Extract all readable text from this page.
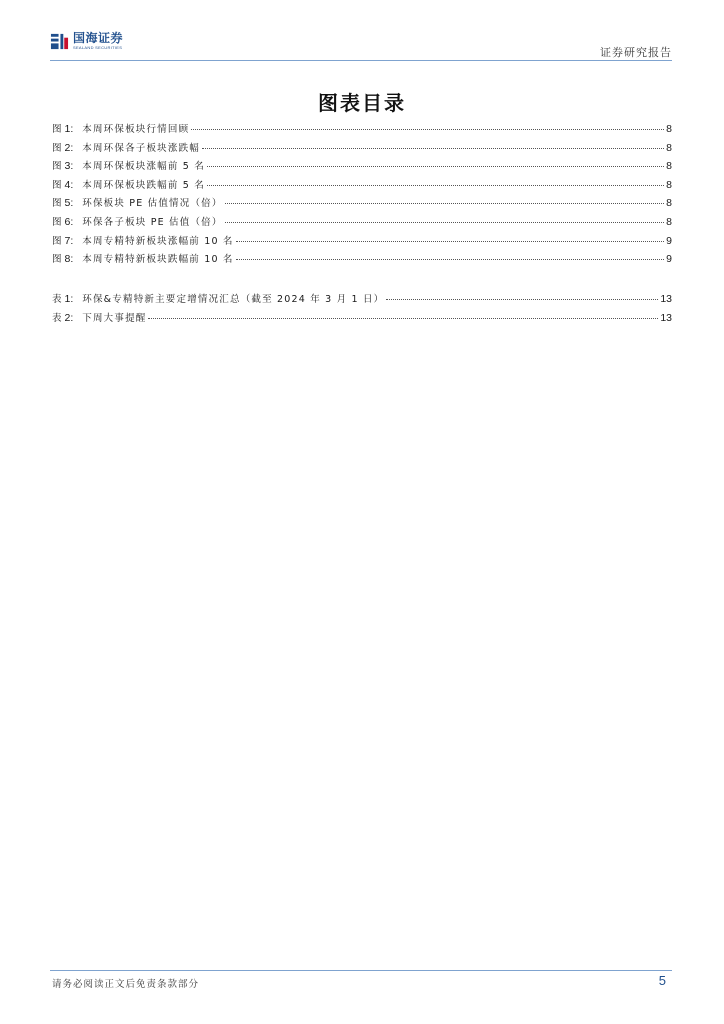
国海证券
SEALAND SECURITIES	证券研究报告
图表目录
图 1: 本周环保板块行情回顾	8
图 2: 本周环保各子板块涨跌幅	8
图 3: 本周环保板块涨幅前 5 名	8
图 4: 本周环保板块跌幅前 5 名	8
图 5: 环保板块 PE 估值情况（倍）	8
图 6: 环保各子板块 PE 估值（倍）	8
图 7: 本周专精特新板块涨幅前 10 名	9
图 8: 本周专精特新板块跌幅前 10 名	9
表 1: 环保&专精特新主要定增情况汇总（截至 2024 年 3 月 1 日）	13
表 2: 下周大事提醒	13
请务必阅读正文后免责条款部分	5
